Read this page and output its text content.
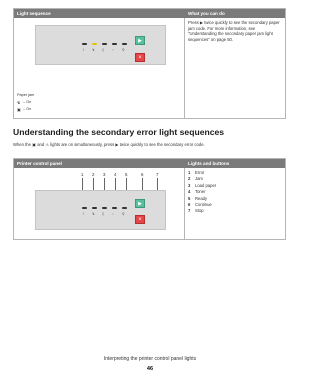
Light sequence	What you can do
! ↯ ▯ ◌ ⚲
▶
×
Paper jam
↯ – On
▣ – On
Press ▶ twice quickly to see the secondary paper jam code. For more information, see "Understanding the secondary paper jam light sequences" on page 50.
Understanding the secondary error light sequences
When the ▣ and ⚠ lights are on simultaneously, press ▶ twice quickly to see the secondary error code.
Printer control panel	Lights and buttons
1 2 3 4 5	6	7
! ↯ ▯ ◌ ⚲
▶
×
1 Error
2 Jam
3 Load paper
4 Toner
5 Ready
6 Continue
7 Stop
Interpreting the printer control panel lights
46
